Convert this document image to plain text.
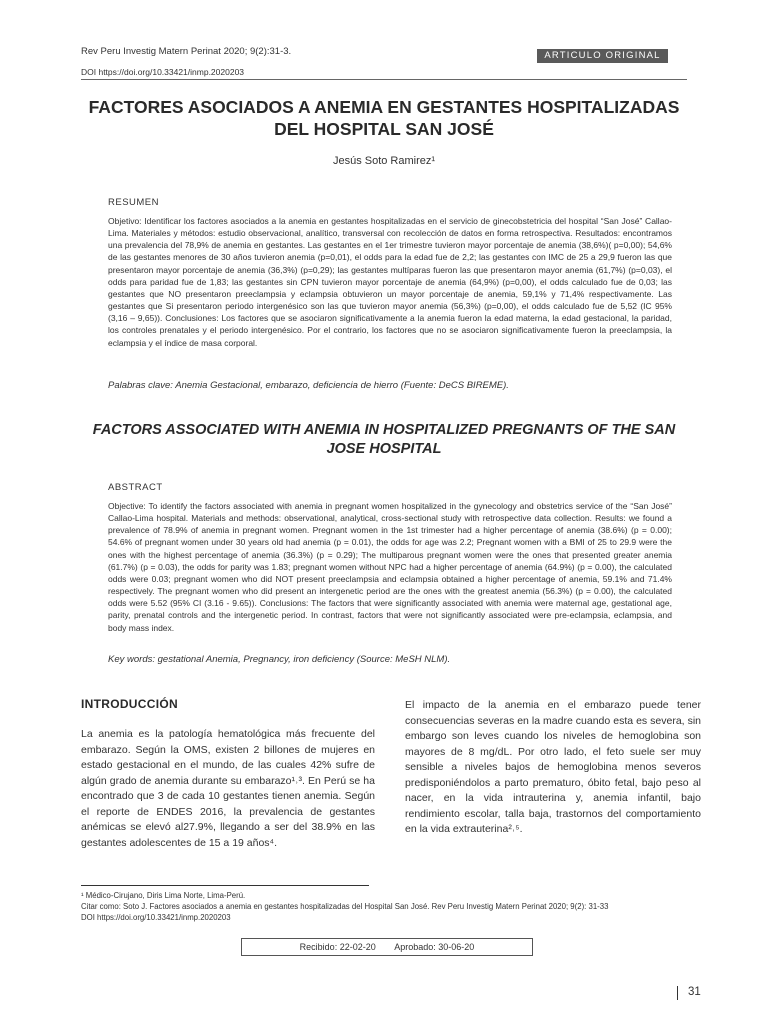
Rev Peru Investig Matern Perinat 2020; 9(2):31-3.
DOI https://doi.org/10.33421/inmp.2020203
ARTICULO ORIGINAL
FACTORES ASOCIADOS A ANEMIA EN GESTANTES HOSPITALIZADAS DEL HOSPITAL SAN JOSÉ
Jesús Soto Ramirez¹
RESUMEN
Objetivo: Identificar los factores asociados a la anemia en gestantes hospitalizadas en el servicio de ginecobstetricia del hospital “San José” Callao-Lima. Materiales y métodos: estudio observacional, analítico, transversal con recolección de datos en forma retrospectiva. Resultados: encontramos una prevalencia del 78,9% de anemia en gestantes. Las gestantes en el 1er trimestre tuvieron mayor porcentaje de anemia (38,6%)( p=0,00); 54,6% de las gestantes menores de 30 años tuvieron anemia (p=0,01), el odds para la edad fue de 2,2; las gestantes con IMC de 25 a 29,9 fueron las que presentaron mayor porcentaje de anemia (36,3%) (p=0,29); las gestantes multíparas fueron las que presentaron mayor anemia (61,7%) (p=0,03), el odds para paridad fue de 1,83; las gestantes sin CPN tuvieron mayor porcentaje de anemia (64,9%) (p=0,00), el odds calculado fue de 0,03; las gestantes que NO presentaron preeclampsia y eclampsia obtuvieron un mayor porcentaje de anemia, 59,1% y 71,4% respectivamente. Las gestantes que Si presentaron periodo intergenésico son las que tuvieron mayor anemia (56,3%) (p=0,00), el odds calculado fue de 5,52 (IC 95% (3,16 – 9,65)). Conclusiones: Los factores que se asociaron significativamente a la anemia fueron la edad materna, la edad gestacional, la paridad, los controles prenatales y el periodo intergenésico. Por el contrario, los factores que no se asociaron significativamente fueron la preeclampsia, la eclampsia y el índice de masa corporal.
Palabras clave: Anemia Gestacional, embarazo, deficiencia de hierro (Fuente: DeCS BIREME).
FACTORS ASSOCIATED WITH ANEMIA IN HOSPITALIZED PREGNANTS OF THE SAN JOSE HOSPITAL
ABSTRACT
Objective: To identify the factors associated with anemia in pregnant women hospitalized in the gynecology and obstetrics service of the “San José” Callao-Lima hospital. Materials and methods: observational, analytical, cross-sectional study with retrospective data collection. Results: we found a prevalence of 78.9% of anemia in pregnant women. Pregnant women in the 1st trimester had a higher percentage of anemia (38.6%) (p = 0.00); 54.6% of pregnant women under 30 years old had anemia (p = 0.01), the odds for age was 2.2; Pregnant women with a BMI of 25 to 29.9 were the ones with the highest percentage of anemia (36.3%) (p = 0.29); The multiparous pregnant women were the ones that presented greater anemia (61.7%) (p = 0.03), the odds for parity was 1.83; pregnant women without NPC had a higher percentage of anemia (64.9%) (p = 0.00), the calculated odds were 0.03; pregnant women who did NOT present preeclampsia and eclampsia obtained a higher percentage of anemia, 59.1% and 71.4% respectively. The pregnant women who did present an intergenetic period are the ones with the greatest anemia (56.3%) (p = 0.00), the calculated odds were 5.52 (95% CI (3.16 - 9.65)). Conclusions: The factors that were significantly associated with anemia were maternal age, gestational age, parity, prenatal controls and the intergenetic period. In contrast, factors that were not significantly associated were pre-eclampsia, eclampsia, and body mass index.
Key words: gestational Anemia, Pregnancy, iron deficiency (Source: MeSH NLM).
INTRODUCCIÓN
La anemia es la patología hematológica más frecuente del embarazo. Según la OMS, existen 2 billones de mujeres en estado gestacional en el mundo, de las cuales 42% sufre de algún grado de anemia durante su embarazo¹˒³. En Perú se ha encontrado que 3 de cada 10 gestantes tienen anemia. Según el reporte de ENDES 2016, la prevalencia de gestantes anémicas se elevó al27.9%, llegando a ser del 38.9% en las gestantes adolescentes de 15 a 19 años⁴.
El impacto de la anemia en el embarazo puede tener consecuencias severas en la madre cuando esta es severa, sin embargo son leves cuando los niveles de hemoglobina son mayores de 8 mg/dL. Por otro lado, el feto suele ser muy sensible a niveles bajos de hemoglobina menos severos predisponiéndolos a parto prematuro, óbito fetal, bajo peso al nacer, en la vida intrauterina y, anemia infantil, bajo rendimiento escolar, talla baja, trastornos del comportamiento en la vida extrauterina²˒⁵.
¹ Médico-Cirujano, Diris Lima Norte, Lima-Perú.
Citar como: Soto J. Factores asociados a anemia en gestantes hospitalizadas del Hospital San José. Rev Peru Investig Matern Perinat 2020; 9(2): 31-33
DOI https://doi.org/10.33421/inmp.2020203
Recibido: 22-02-20 Aprobado: 30-06-20
31
